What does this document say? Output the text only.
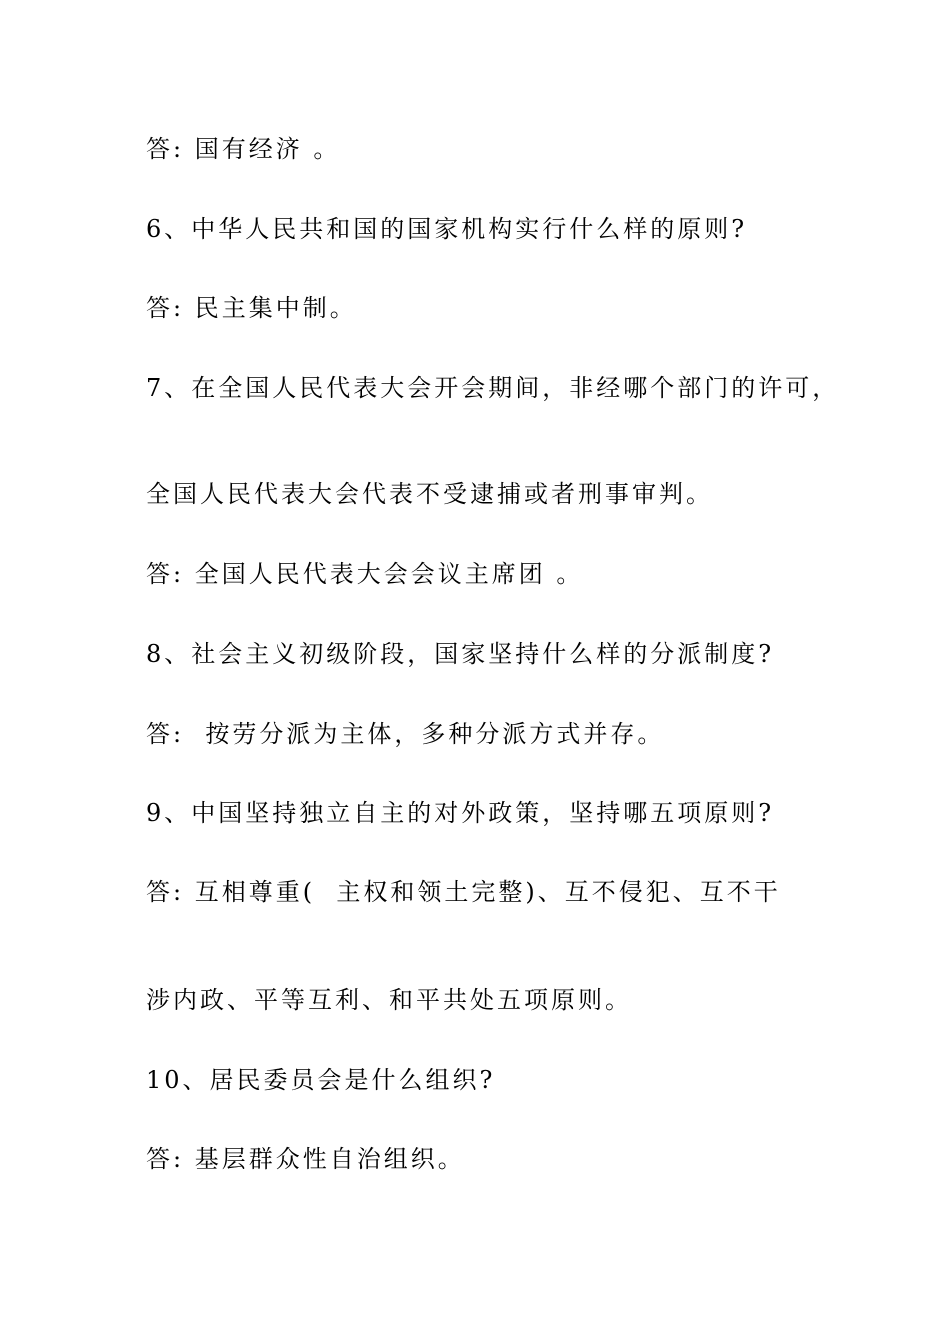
答: 国有经济 。
6、中华人民共和国的国家机构实行什么样的原则?
答: 民主集中制。
7、在全国人民代表大会开会期间，非经哪个部门的许可，
全国人民代表大会代表不受逮捕或者刑事审判。
答: 全国人民代表大会会议主席团 。
8、社会主义初级阶段，国家坚持什么样的分派制度?
答:  按劳分派为主体，多种分派方式并存。
9、中国坚持独立自主的对外政策，坚持哪五项原则?
答: 互相尊重(  主权和领土完整)、互不侵犯、互不干
涉内政、平等互利、和平共处五项原则。
10、居民委员会是什么组织?
答: 基层群众性自治组织。
